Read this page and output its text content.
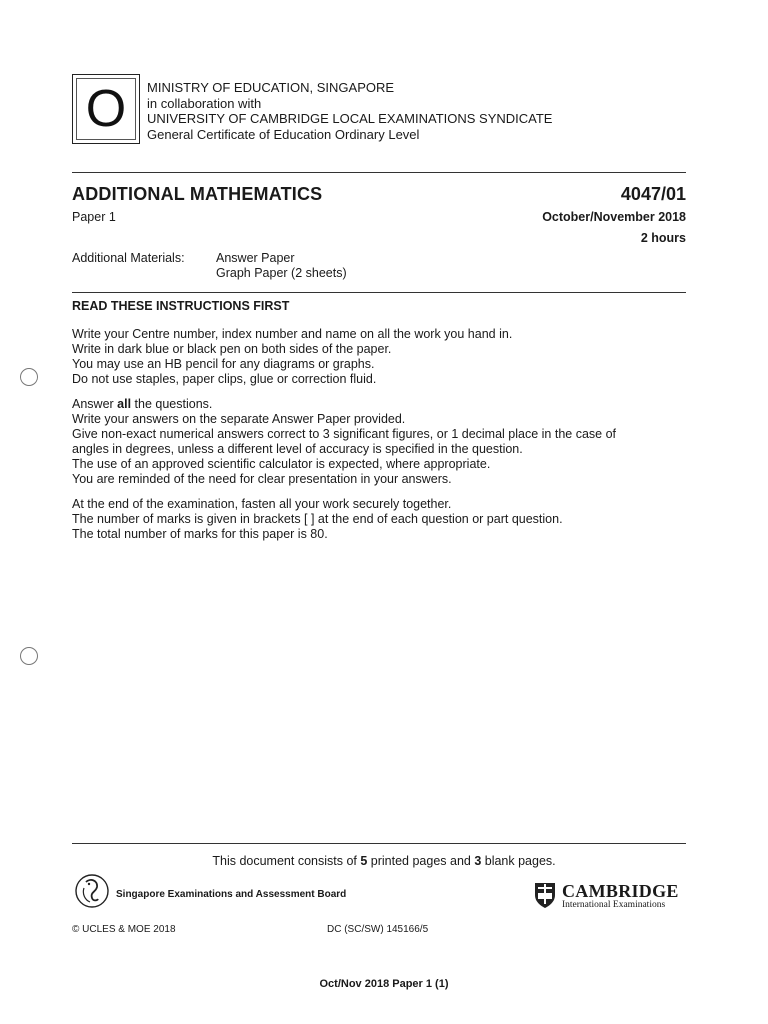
O	MINISTRY OF EDUCATION, SINGAPORE
in collaboration with
UNIVERSITY OF CAMBRIDGE LOCAL EXAMINATIONS SYNDICATE
General Certificate of Education Ordinary Level
ADDITIONAL MATHEMATICS	4047/01
Paper 1	October/November 2018
2 hours
Additional Materials:	Answer Paper
Graph Paper (2 sheets)
READ THESE INSTRUCTIONS FIRST
Write your Centre number, index number and name on all the work you hand in.
Write in dark blue or black pen on both sides of the paper.
You may use an HB pencil for any diagrams or graphs.
Do not use staples, paper clips, glue or correction fluid.
Answer all the questions.
Write your answers on the separate Answer Paper provided.
Give non-exact numerical answers correct to 3 significant figures, or 1 decimal place in the case of
angles in degrees, unless a different level of accuracy is specified in the question.
The use of an approved scientific calculator is expected, where appropriate.
You are reminded of the need for clear presentation in your answers.
At the end of the examination, fasten all your work securely together.
The number of marks is given in brackets [ ] at the end of each question or part question.
The total number of marks for this paper is 80.
This document consists of 5 printed pages and 3 blank pages.
Singapore Examinations and Assessment Board	CAMBRIDGE
International Examinations
© UCLES & MOE 2018	DC (SC/SW) 145166/5
Oct/Nov 2018 Paper 1 (1)
